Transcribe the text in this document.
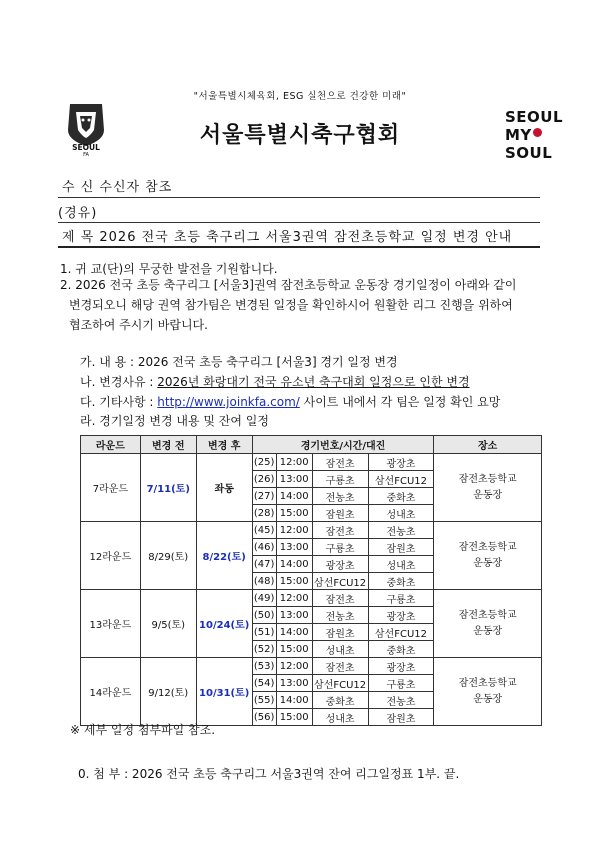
"서울특별시체육회, ESG 실천으로 건강한 미래"
SEOUL
FA
서울특별시축구협회
SEOUL
MY SOUL
수 신 수신자 참조
(경유)
제 목 2026 전국 초등 축구리그 서울3권역 잠전초등학교 일정 변경 안내
1. 귀 교(단)의 무궁한 발전을 기원합니다.
2. 2026 전국 초등 축구리그 [서울3]권역 잠전초등학교 운동장 경기일정이 아래와 같이
변경되오니 해당 권역 참가팀은 변경된 일정을 확인하시어 원활한 리그 진행을 위하여
협조하여 주시기 바랍니다.
가. 내 용 : 2026 전국 초등 축구리그 [서울3] 경기 일정 변경
나. 변경사유 : 2026년 화랑대기 전국 유소년 축구대회 일정으로 인한 변경
다. 기타사항 : http://www.joinkfa.com/ 사이트 내에서 각 팀은 일정 확인 요망
라. 경기일정 변경 내용 및 잔여 일정
라운드	변경 전	변경 후	경기번호/시간/대진				장소
7라운드	7/11(토)	좌동	(25)	12:00	잠전초	광장초	잠전초등학교
운동장

			(26)	13:00	구룡초	삼선FCU12	
			(27)	14:00	전농초	중화초	
			(28)	15:00	잠원초	성내초	
12라운드	8/29(토)	8/22(토)	(45)	12:00	잠전초	전농초	잠전초등학교
운동장

			(46)	13:00	구룡초	잠원초	
			(47)	14:00	광장초	성내초	
			(48)	15:00	삼선FCU12	중화초	
13라운드	9/5(토)	10/24(토)	(49)	12:00	잠전초	구룡초	잠전초등학교
운동장

			(50)	13:00	전농초	광장초	
			(51)	14:00	잠원초	삼선FCU12	
			(52)	15:00	성내초	중화초	
14라운드	9/12(토)	10/31(토)	(53)	12:00	잠전초	광장초	잠전초등학교
운동장

			(54)	13:00	삼선FCU12	구룡초	
			(55)	14:00	중화초	전농초	
			(56)	15:00	성내초	잠원초	
※ 세부 일정 첨부파일 참조.
0. 첨 부 : 2026 전국 초등 축구리그 서울3권역 잔여 리그일정표 1부. 끝.
